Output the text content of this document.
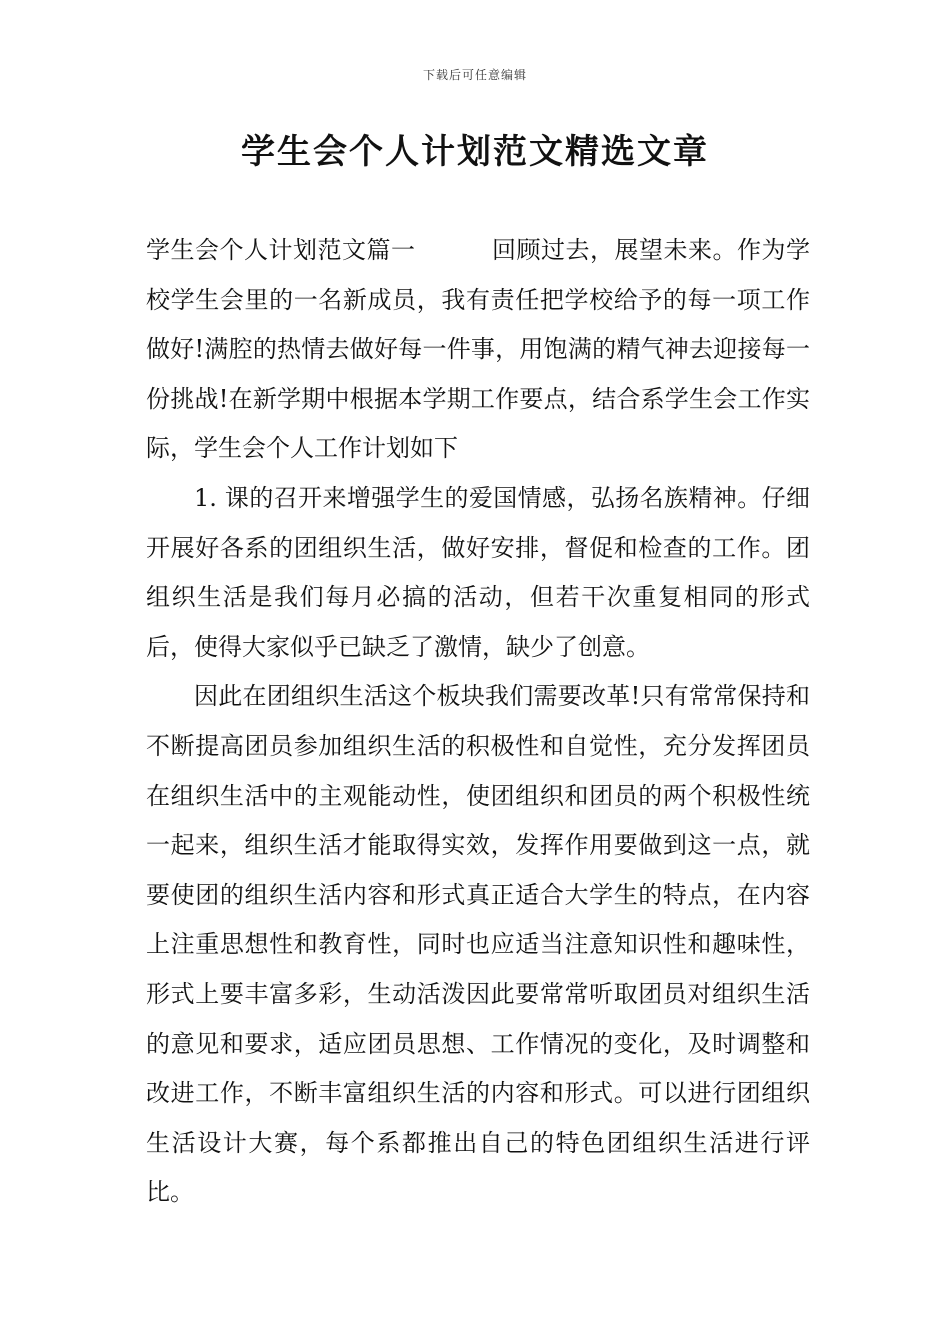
下载后可任意编辑
学生会个人计划范文精选文章

学生会个人计划范文篇一	回顾过去，展望未来。作为学校学生会里的一名新成员，我有责任把学校给予的每一项工作做好!满腔的热情去做好每一件事，用饱满的精气神去迎接每一份挑战!在新学期中根据本学期工作要点，结合系学生会工作实际，学生会个人工作计划如下

1. 课的召开来增强学生的爱国情感，弘扬名族精神。仔细开展好各系的团组织生活，做好安排，督促和检查的工作。团组织生活是我们每月必搞的活动，但若干次重复相同的形式后，使得大家似乎已缺乏了激情，缺少了创意。

因此在团组织生活这个板块我们需要改革!只有常常保持和不断提高团员参加组织生活的积极性和自觉性，充分发挥团员在组织生活中的主观能动性，使团组织和团员的两个积极性统一起来，组织生活才能取得实效，发挥作用要做到这一点，就要使团的组织生活内容和形式真正适合大学生的特点，在内容上注重思想性和教育性，同时也应适当注意知识性和趣味性，形式上要丰富多彩，生动活泼因此要常常听取团员对组织生活的意见和要求，适应团员思想、工作情况的变化，及时调整和改进工作，不断丰富组织生活的内容和形式。可以进行团组织生活设计大赛，每个系都推出自己的特色团组织生活进行评比。
